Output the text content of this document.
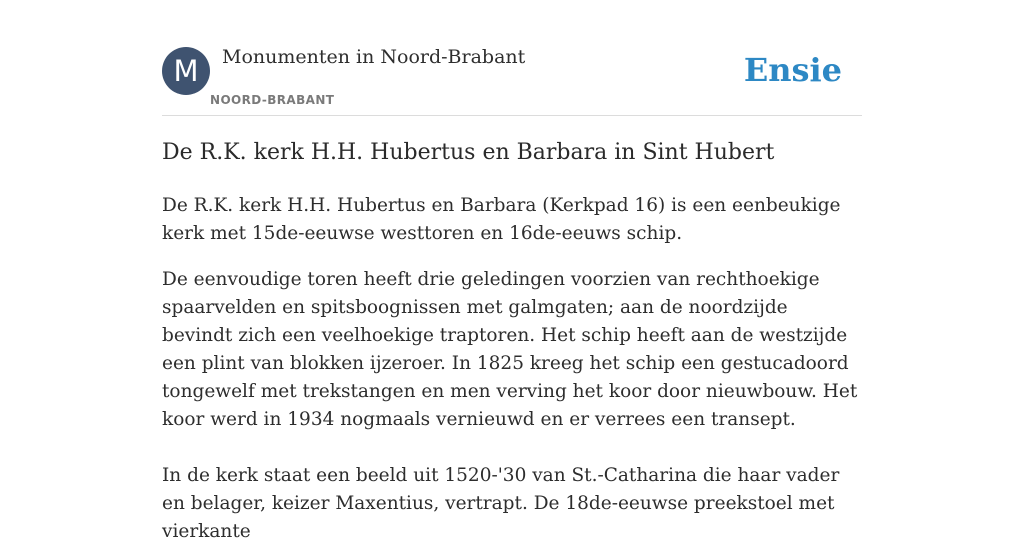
M	Monumenten in Noord-Brabant
NOORD-BRABANT
Ensie
De R.K. kerk H.H. Hubertus en Barbara in Sint Hubert

De R.K. kerk H.H. Hubertus en Barbara (Kerkpad 16) is een eenbeukige kerk met 15de-eeuwse westtoren en 16de-eeuws schip.

De eenvoudige toren heeft drie geledingen voorzien van rechthoekige spaarvelden en spitsboognissen met galmgaten; aan de noordzijde bevindt zich een veelhoekige traptoren. Het schip heeft aan de westzijde een plint van blokken ijzeroer. In 1825 kreeg het schip een gestucadoord tongewelf met trekstangen en men verving het koor door nieuwbouw. Het koor werd in 1934 nogmaals vernieuwd en er verrees een transept.

In de kerk staat een beeld uit 1520-'30 van St.-Catharina die haar vader en belager, keizer Maxentius, vertrapt. De 18de-eeuwse preekstoel met vierkante
